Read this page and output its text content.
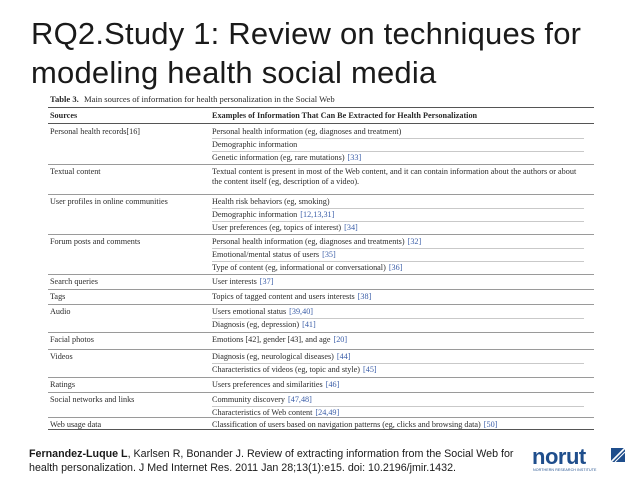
RQ2.Study 1: Review on techniques for
modeling health social media
Table 3. Main sources of information for health personalization in the Social Web
Sources	Examples of Information That Can Be Extracted for Health Personalization
Personal health records[16]	Personal health information (eg, diagnoses and treatment)
Demographic information
Genetic information (eg, rare mutations) [33]
Textual content	Textual content is present in most of the Web content, and it can contain information about the authors or about the content itself (eg, description of a video).
User profiles in online communities	Health risk behaviors (eg, smoking)
Demographic information [12,13,31]
User preferences (eg, topics of interest) [34]
Forum posts and comments	Personal health information (eg, diagnoses and treatments) [32]
Emotional/mental status of users [35]
Type of content (eg, informational or conversational) [36]
Search queries	User interests [37]
Tags	Topics of tagged content and users interests [38]
Audio	Users emotional status [39,40]
Diagnosis (eg, depression) [41]
Facial photos	Emotions [42], gender [43], and age [20]
Videos	Diagnosis (eg, neurological diseases) [44]
Characteristics of videos (eg, topic and style) [45]
Ratings	Users preferences and similarities [46]
Social networks and links	Community discovery [47,48]
Characteristics of Web content [24,49]
Web usage data	Classification of users based on navigation patterns (eg, clicks and browsing data) [50]
Fernandez-Luque L, Karlsen R, Bonander J. Review of extracting information from the Social Web for health personalization. J Med Internet Res. 2011 Jan 28;13(1):e15. doi: 10.2196/jmir.1432.	norut
NORTHERN RESEARCH INSTITUTE
